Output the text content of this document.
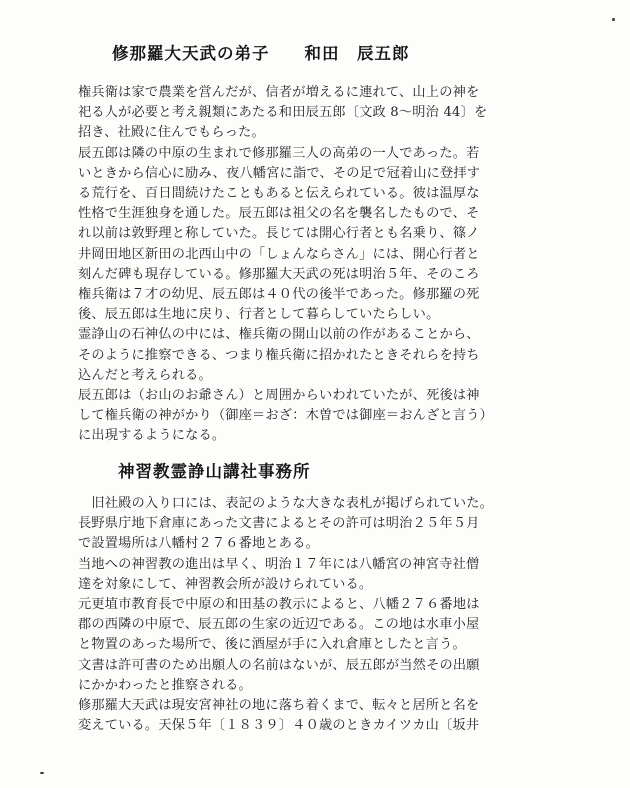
修那羅大天武の弟子　　和田　辰五郎
権兵衛は家で農業を営んだが、信者が増えるに連れて、山上の神を
祀る人が必要と考え親類にあたる和田辰五郎〔文政 8〜明治 44〕を
招き、社殿に住んでもらった。
辰五郎は隣の中原の生まれで修那羅三人の高弟の一人であった。若
いときから信心に励み、夜八幡宮に詣で、その足で冠着山に登拝す
る荒行を、百日間続けたこともあると伝えられている。彼は温厚な
性格で生涯独身を通した。辰五郎は祖父の名を襲名したもので、そ
れ以前は敦野理と称していた。長じては開心行者とも名乗り、篠ノ
井岡田地区新田の北西山中の「しょんならさん」には、開心行者と
刻んだ碑も現存している。修那羅大天武の死は明治５年、そのころ
権兵衛は７才の幼児、辰五郎は４０代の後半であった。修那羅の死
後、辰五郎は生地に戻り、行者として暮らしていたらしい。
霊諍山の石神仏の中には、権兵衛の開山以前の作があることから、
そのように推察できる、つまり権兵衛に招かれたときそれらを持ち
込んだと考えられる。
辰五郎は（お山のお爺さん）と周囲からいわれていたが、死後は神
して権兵衛の神がかり（御座＝おざ：木曽では御座＝おんざと言う）
に出現するようになる。
神習教霊諍山講社事務所
　旧社殿の入り口には、表記のような大きな表札が掲げられていた。
長野県庁地下倉庫にあった文書によるとその許可は明治２５年５月
で設置場所は八幡村２７６番地とある。
当地への神習教の進出は早く、明治１７年には八幡宮の神宮寺社僧
達を対象にして、神習教会所が設けられている。
元更埴市教育長で中原の和田基の教示によると、八幡２７６番地は
郡の西隣の中原で、辰五郎の生家の近辺である。この地は水車小屋
と物置のあった場所で、後に酒屋が手に入れ倉庫としたと言う。
文書は許可書のため出願人の名前はないが、辰五郎が当然その出願
にかかわったと推察される。
修那羅大天武は現安宮神社の地に落ち着くまで、転々と居所と名を
変えている。天保５年〔１８３９〕４０歳のときカイツカ山〔坂井
